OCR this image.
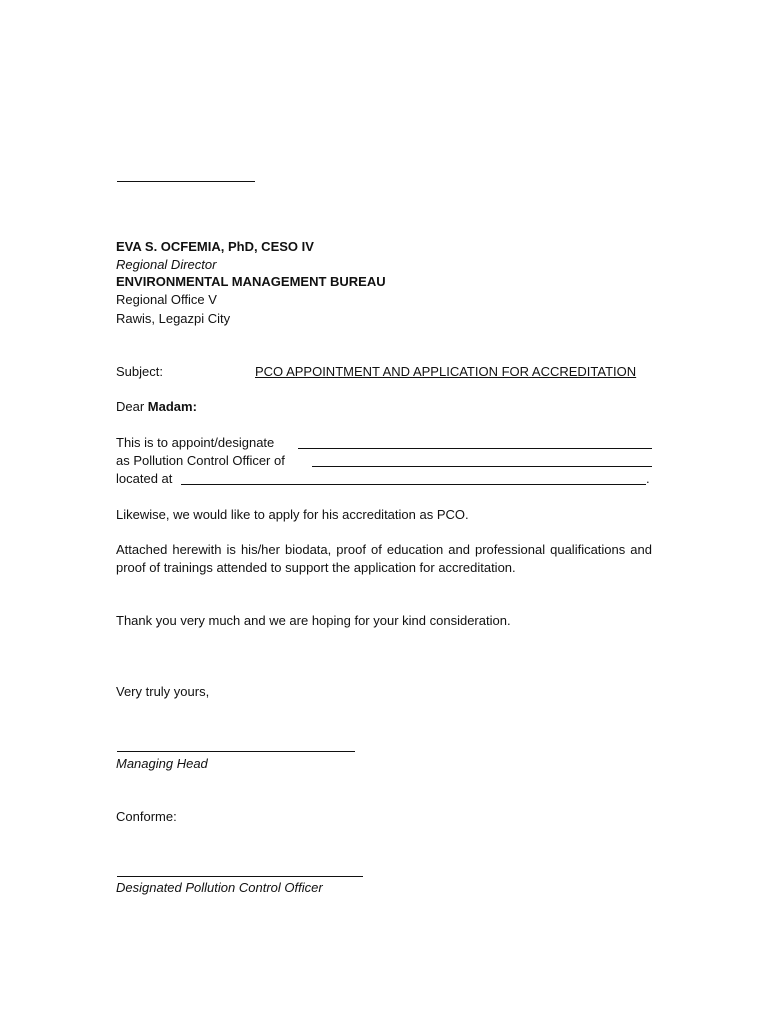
EVA S. OCFEMIA, PhD, CESO IV
Regional Director
ENVIRONMENTAL MANAGEMENT BUREAU
Regional Office V
Rawis, Legazpi City
Subject:	PCO APPOINTMENT AND APPLICATION FOR ACCREDITATION
Dear Madam:
This is to appoint/designate
as Pollution Control Officer of
located at	.
Likewise, we would like to apply for his accreditation as PCO.
Attached herewith is his/her biodata, proof of education and professional qualifications and proof of trainings attended to support the application for accreditation.
Thank you very much and we are hoping for your kind consideration.
Very truly yours,
Managing Head
Conforme:
Designated Pollution Control Officer
